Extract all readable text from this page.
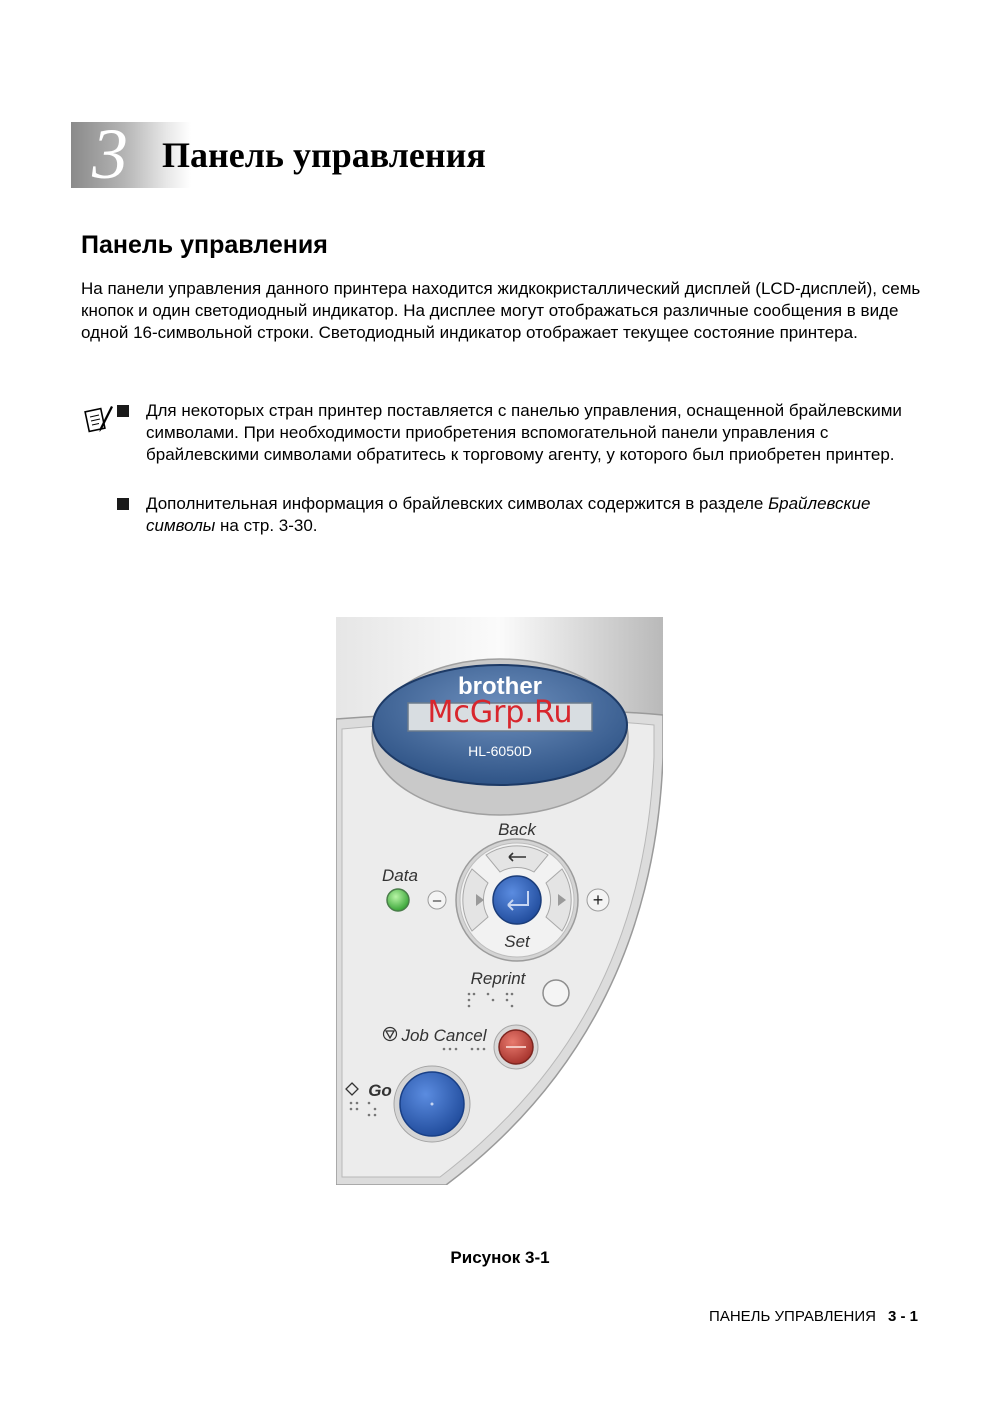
3 Панель управления
Панель управления
На панели управления данного принтера находится жидкокристаллический дисплей (LCD-дисплей), семь кнопок и один светодиодный индикатор. На дисплее могут отображаться различные сообщения в виде одной 16-символьной строки. Светодиодный индикатор отображает текущее состояние принтера.
Для некоторых стран принтер поставляется с панелью управления, оснащенной брайлевскими символами. При необходимости приобретения вспомогательной панели управления с брайлевскими символами обратитесь к торговому агенту, у которого был приобретен принтер.
Дополнительная информация о брайлевских символах содержится в разделе Брайлевские символы на стр. 3-30.
brother
McGrp.Ru
HL-6050D
Back
Set
Data
–	+
Reprint
Job Cancel
Go
Рисунок 3-1
ПАНЕЛЬ УПРАВЛЕНИЯ 3 - 1
